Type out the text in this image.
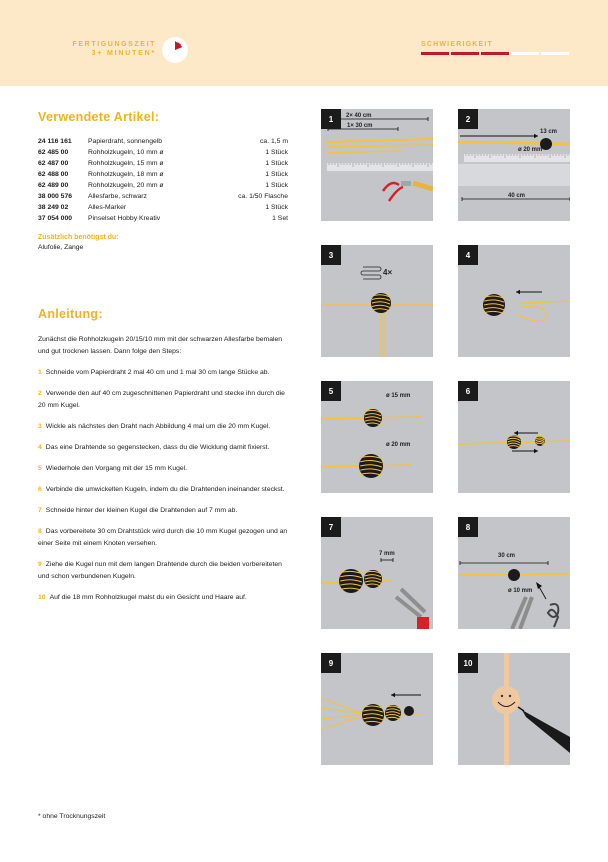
FERTIGUNGSZEIT
3+ MINUTEN*
SCHWIERIGKEIT
Verwendete Artikel:
24 116 161	Papierdraht, sonnengelb	ca. 1,5 m
62 485 00	Rohholzkugeln, 10 mm ø	1 Stück
62 487 00	Rohholzkugeln, 15 mm ø	1 Stück
62 488 00	Rohholzkugeln, 18 mm ø	1 Stück
62 489 00	Rohholzkugeln, 20 mm ø	1 Stück
38 000 576	Allesfarbe, schwarz	ca. 1/50 Flasche
38 249 02	Alles-Marker	1 Stück
37 054 000	Pinselset Hobby Kreativ	1 Set
Zusätzlich benötigst du:
Alufolie, Zange
Anleitung:
Zunächst die Rohholzkugeln 20/15/10 mm mit der schwarzen Allesfarbe bemalen und gut trocknen lassen. Dann folge den Steps:
1 Schneide vom Papierdraht 2 mal 40 cm und 1 mal 30 cm lange Stücke ab.
2 Verwende den auf 40 cm zugeschnittenen Papierdraht und stecke ihn durch die 20 mm Kugel.
3 Wickle als nächstes den Draht nach Abbildung 4 mal um die 20 mm Kugel.
4 Das eine Drahtende so gegenstecken, dass du die Wicklung damit fixierst.
5 Wiederhole den Vorgang mit der 15 mm Kugel.
6 Verbinde die umwickelten Kugeln, indem du die Drahtenden ineinander steckst.
7 Schneide hinter der kleinen Kugel die Drahtenden auf 7 mm ab.
8 Das vorbereitete 30 cm Drahtstück wird durch die 10 mm Kugel gezogen und an einer Seite mit einem Knoten versehen.
9 Ziehe die Kugel nun mit dem langen Drahtende durch die beiden vorbereiteten und schon verbundenen Kugeln.
10 Auf die 18 mm Rohholzkugel malst du ein Gesicht und Haare auf.
* ohne Trocknungszeit
2× 40 cm
1× 30 cm
1
13 cm
ø 20 mm
40 cm
2
4×
3	4
ø 15 mm
ø 20 mm
5	6
7 mm
7
30 cm
ø 10 mm
8
9	10
